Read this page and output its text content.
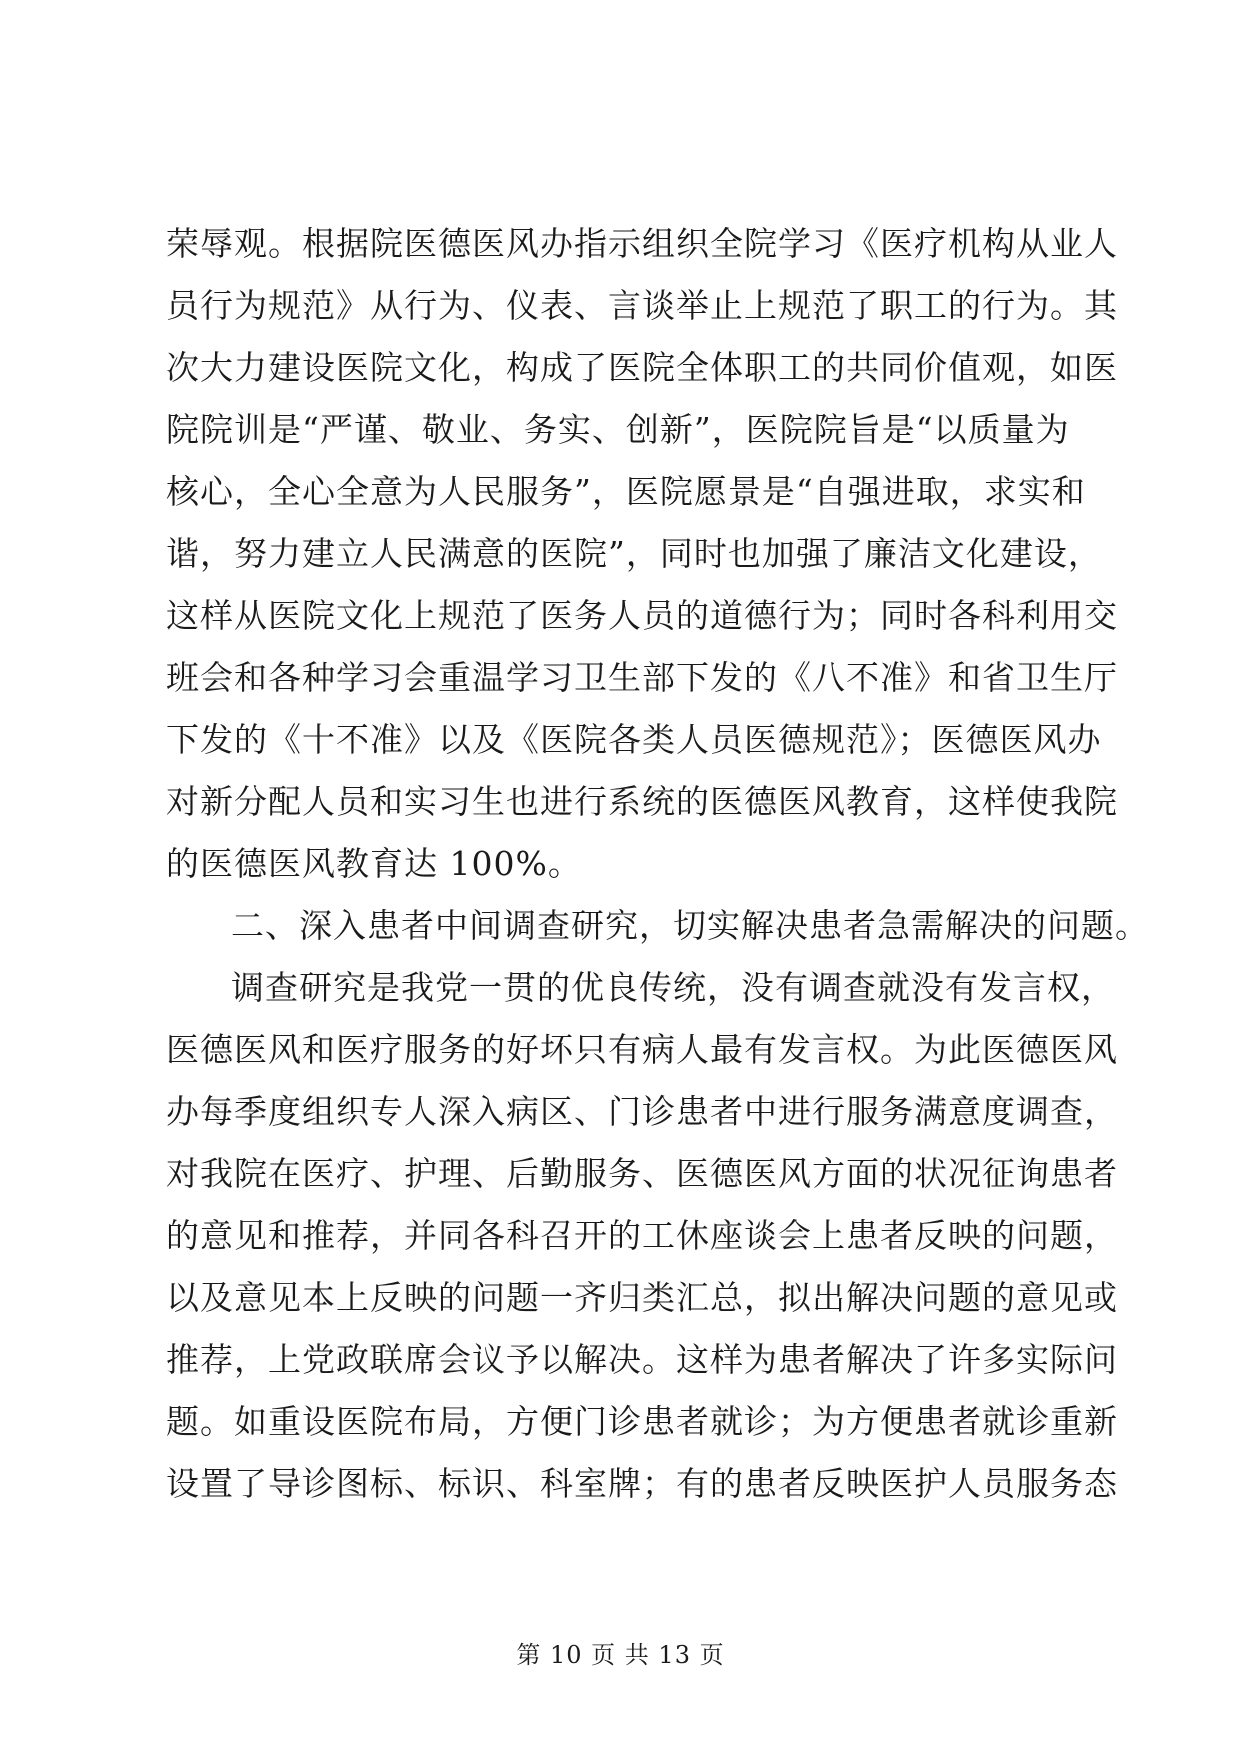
荣辱观。根据院医德医风办指示组织全院学习《医疗机构从业人
员行为规范》从行为、仪表、言谈举止上规范了职工的行为。其
次大力建设医院文化，构成了医院全体职工的共同价值观，如医
院院训是“严谨、敬业、务实、创新”，医院院旨是“以质量为
核心，全心全意为人民服务”，医院愿景是“自强进取，求实和
谐，努力建立人民满意的医院”，同时也加强了廉洁文化建设，
这样从医院文化上规范了医务人员的道德行为；同时各科利用交
班会和各种学习会重温学习卫生部下发的《八不准》和省卫生厅
下发的《十不准》以及《医院各类人员医德规范》；医德医风办
对新分配人员和实习生也进行系统的医德医风教育，这样使我院
的医德医风教育达 100%。
二、深入患者中间调查研究，切实解决患者急需解决的问题。
调查研究是我党一贯的优良传统，没有调查就没有发言权，
医德医风和医疗服务的好坏只有病人最有发言权。为此医德医风
办每季度组织专人深入病区、门诊患者中进行服务满意度调查，
对我院在医疗、护理、后勤服务、医德医风方面的状况征询患者
的意见和推荐，并同各科召开的工休座谈会上患者反映的问题，
以及意见本上反映的问题一齐归类汇总，拟出解决问题的意见或
推荐，上党政联席会议予以解决。这样为患者解决了许多实际问
题。如重设医院布局，方便门诊患者就诊；为方便患者就诊重新
设置了导诊图标、标识、科室牌；有的患者反映医护人员服务态
第 10 页 共 13 页
